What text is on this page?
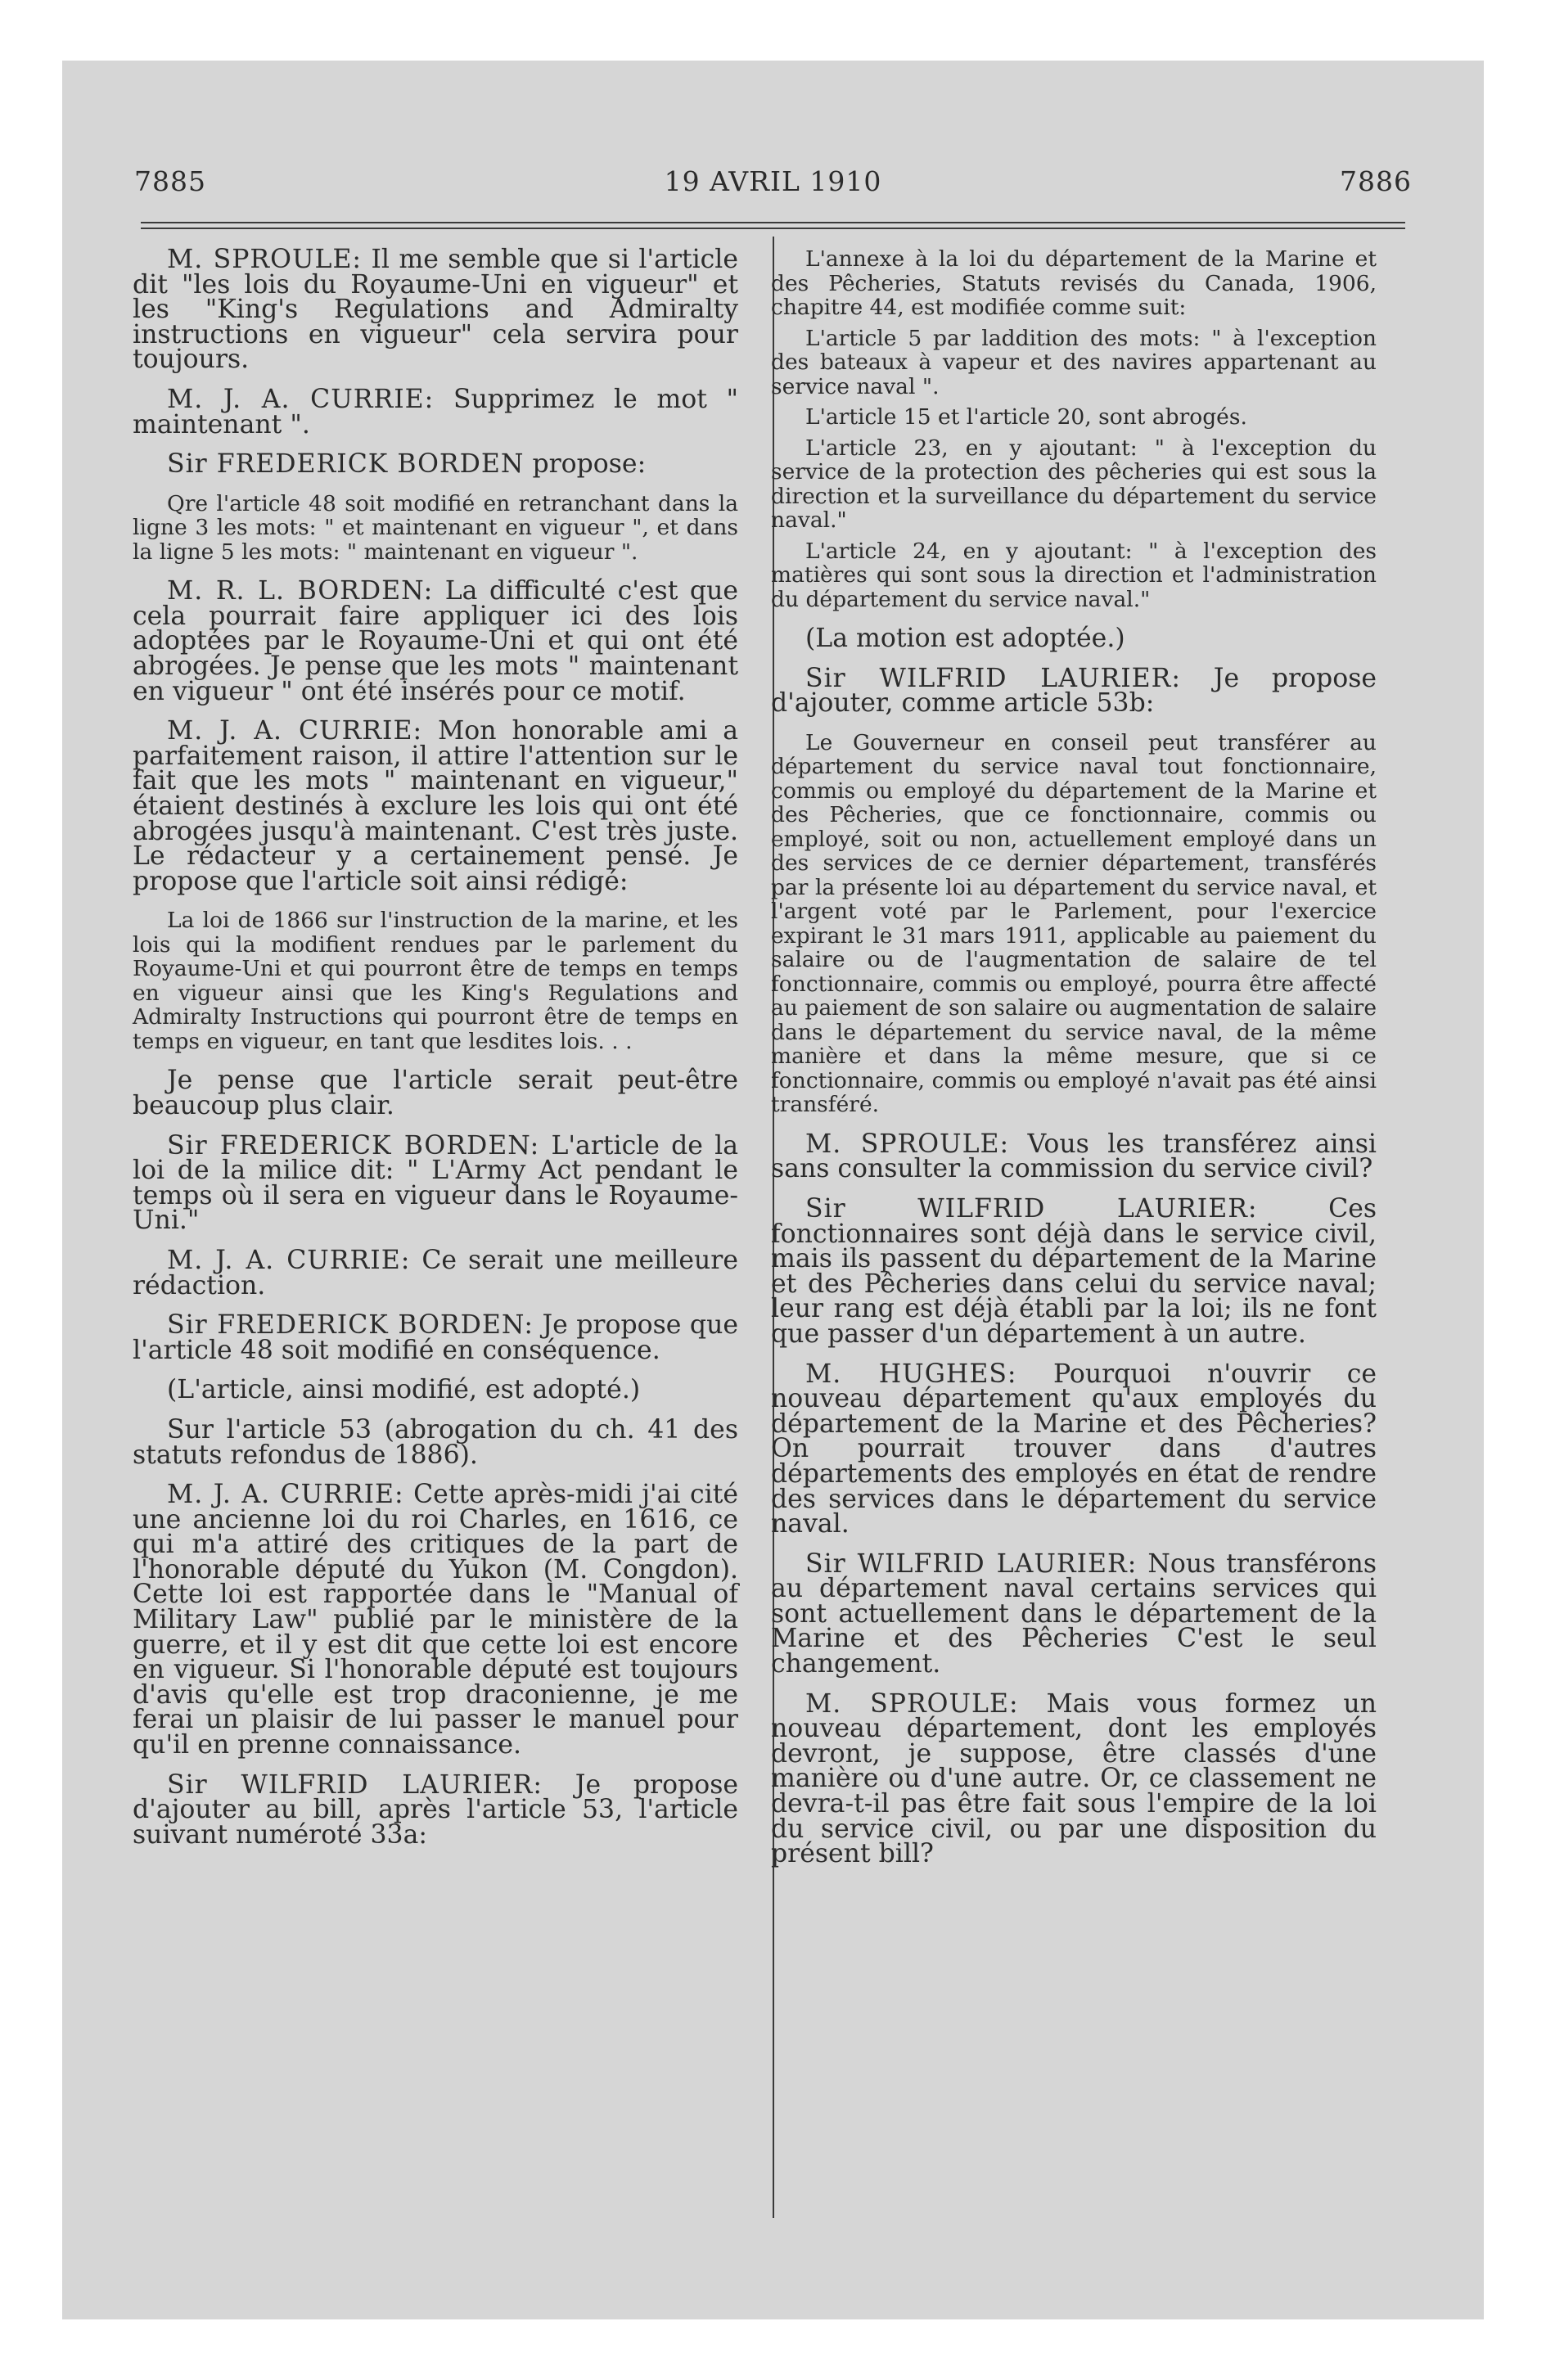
7885	19 AVRIL 1910	7886

M. SPROULE: Il me semble que si l'article dit "les lois du Royaume-Uni en vigueur" et les "King's Regulations and Admiralty instructions en vigueur" cela servira pour toujours.

M. J. A. CURRIE: Supprimez le mot " maintenant ".

Sir FREDERICK BORDEN propose:

Qre l'article 48 soit modifié en retranchant dans la ligne 3 les mots: " et maintenant en vigueur ", et dans la ligne 5 les mots: " maintenant en vigueur ".

M. R. L. BORDEN: La difficulté c'est que cela pourrait faire appliquer ici des lois adoptées par le Royaume-Uni et qui ont été abrogées. Je pense que les mots " maintenant en vigueur " ont été insérés pour ce motif.

M. J. A. CURRIE: Mon honorable ami a parfaitement raison, il attire l'attention sur le fait que les mots " maintenant en vigueur," étaient destinés à exclure les lois qui ont été abrogées jusqu'à maintenant. C'est très juste. Le rédacteur y a certainement pensé. Je propose que l'article soit ainsi rédigé:

La loi de 1866 sur l'instruction de la marine, et les lois qui la modifient rendues par le parlement du Royaume-Uni et qui pourront être de temps en temps en vigueur ainsi que les King's Regulations and Admiralty Instructions qui pourront être de temps en temps en vigueur, en tant que lesdites lois. . .

Je pense que l'article serait peut-être beaucoup plus clair.

Sir FREDERICK BORDEN: L'article de la loi de la milice dit: " L'Army Act pendant le temps où il sera en vigueur dans le Royaume-Uni."

M. J. A. CURRIE: Ce serait une meilleure rédaction.

Sir FREDERICK BORDEN: Je propose que l'article 48 soit modifié en conséquence.

(L'article, ainsi modifié, est adopté.)

Sur l'article 53 (abrogation du ch. 41 des statuts refondus de 1886).

M. J. A. CURRIE: Cette après-midi j'ai cité une ancienne loi du roi Charles, en 1616, ce qui m'a attiré des critiques de la part de l'honorable député du Yukon (M. Congdon). Cette loi est rapportée dans le "Manual of Military Law" publié par le ministère de la guerre, et il y est dit que cette loi est encore en vigueur. Si l'honorable député est toujours d'avis qu'elle est trop draconienne, je me ferai un plaisir de lui passer le manuel pour qu'il en prenne connaissance.

Sir WILFRID LAURIER: Je propose d'ajouter au bill, après l'article 53, l'article suivant numéroté 33a:

L'annexe à la loi du département de la Marine et des Pêcheries, Statuts revisés du Canada, 1906, chapitre 44, est modifiée comme suit:

L'article 5 par laddition des mots: " à l'exception des bateaux à vapeur et des navires appartenant au service naval ".

L'article 15 et l'article 20, sont abrogés.

L'article 23, en y ajoutant: " à l'exception du service de la protection des pêcheries qui est sous la direction et la surveillance du département du service naval."

L'article 24, en y ajoutant: " à l'exception des matières qui sont sous la direction et l'administration du département du service naval."

(La motion est adoptée.)

Sir WILFRID LAURIER: Je propose d'ajouter, comme article 53b:

Le Gouverneur en conseil peut transférer au département du service naval tout fonctionnaire, commis ou employé du département de la Marine et des Pêcheries, que ce fonctionnaire, commis ou employé, soit ou non, actuellement employé dans un des services de ce dernier département, transférés par la présente loi au département du service naval, et l'argent voté par le Parlement, pour l'exercice expirant le 31 mars 1911, applicable au paiement du salaire ou de l'augmentation de salaire de tel fonctionnaire, commis ou employé, pourra être affecté au paiement de son salaire ou augmentation de salaire dans le département du service naval, de la même manière et dans la même mesure, que si ce fonctionnaire, commis ou employé n'avait pas été ainsi transféré.

M. SPROULE: Vous les transférez ainsi sans consulter la commission du service civil?

Sir WILFRID LAURIER: Ces fonctionnaires sont déjà dans le service civil, mais ils passent du département de la Marine et des Pêcheries dans celui du service naval; leur rang est déjà établi par la loi; ils ne font que passer d'un département à un autre.

M. HUGHES: Pourquoi n'ouvrir ce nouveau département qu'aux employés du département de la Marine et des Pêcheries? On pourrait trouver dans d'autres départements des employés en état de rendre des services dans le département du service naval.

Sir WILFRID LAURIER: Nous transférons au département naval certains services qui sont actuellement dans le département de la Marine et des Pêcheries C'est le seul changement.

M. SPROULE: Mais vous formez un nouveau département, dont les employés devront, je suppose, être classés d'une manière ou d'une autre. Or, ce classement ne devra-t-il pas être fait sous l'empire de la loi du service civil, ou par une disposition du présent bill?
